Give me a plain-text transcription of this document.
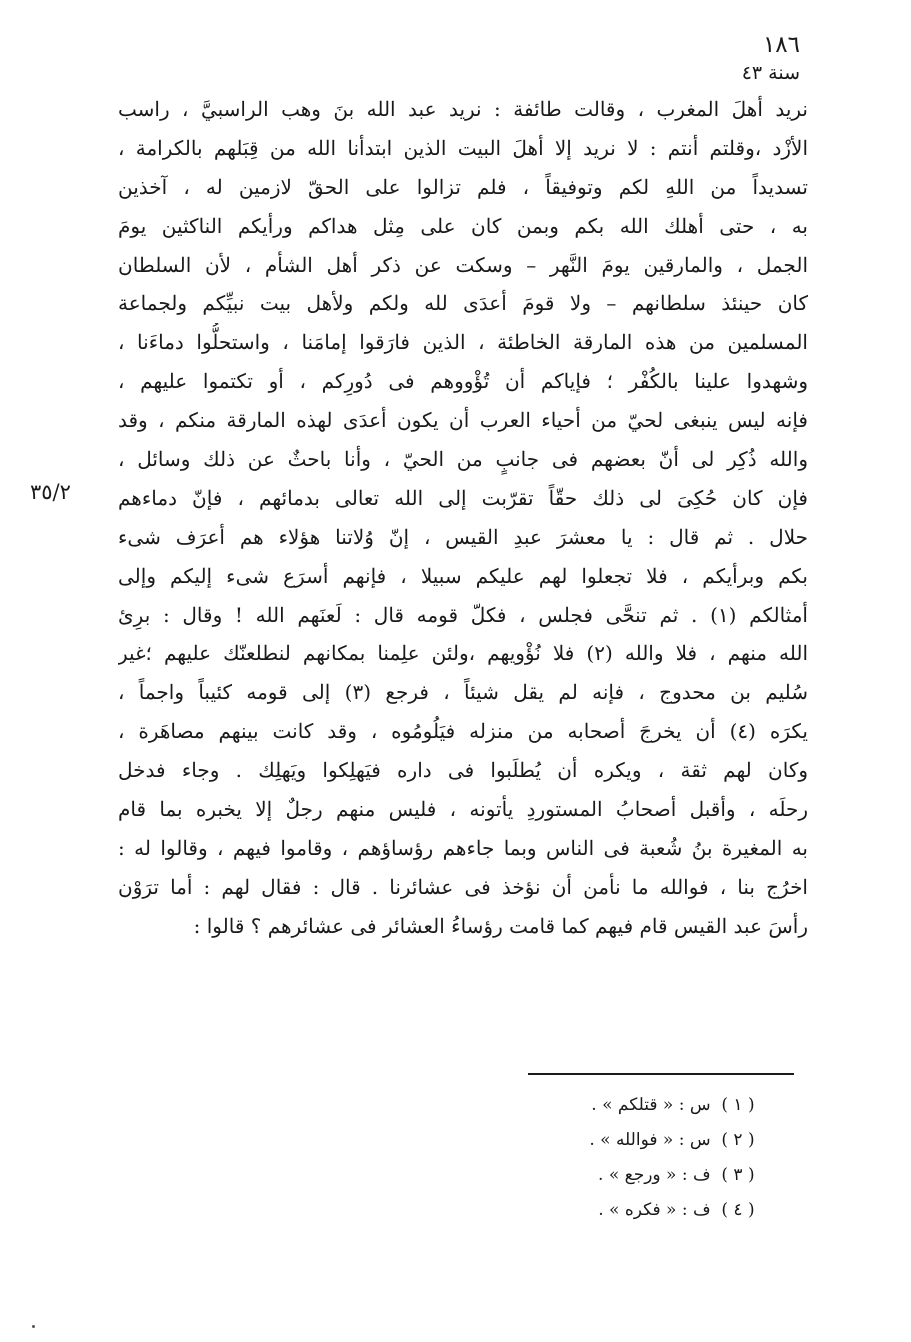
١٨٦
سنة ٤٣
٣٥/٢
نريد أهلَ المغرب ، وقالت طائفة : نريد عبد الله بنَ وهب الراسبيَّ ، راسب
الأزْد ،وقلتم أنتم : لا نريد إلا أهلَ البيت الذين ابتدأنا الله من قِبَلهم بالكرامة ،
تسديداً من اللهِ لكم وتوفيقاً ، فلم تزالوا على الحقّ لازمين له ، آخذين
به ، حتى أهلك الله بكم وبمن كان على مِثل هداكم ورأيكم الناكثين يومَ
الجمل ، والمارقين يومَ النَّهر – وسكت عن ذكر أهل الشأم ، لأن السلطان
كان حينئذ سلطانهم – ولا قومَ أعدَى لله ولكم ولأهل بيت نبيِّكم ولجماعة
المسلمين من هذه المارقة الخاطئة ، الذين فارَقوا إمامَنا ، واستحلُّوا دماءَنا ،
وشهدوا علينا بالكُفْر ؛ فإياكم أن تُؤْووهم فى دُورِكم ، أو تكتموا عليهم ،
فإنه ليس ينبغى لحيّ من أحياء العرب أن يكون أعدَى لهذه المارقة منكم ، وقد
والله ذُكِر لى أنّ بعضهم فى جانبٍ من الحيّ ، وأنا باحثٌ عن ذلك وسائل ،
فإن كان حُكِىَ لى ذلك حقّاً تقرّبت إلى الله تعالى بدمائهم ، فإنّ دماءهم
حلال . ثم قال : يا معشرَ عبدِ القيس ، إنّ وُلاتنا هؤلاء هم أعرَف شىء
بكم وبرأيكم ، فلا تجعلوا لهم عليكم سبيلا ، فإنهم أسرَع شىء إليكم وإلى
أمثالكم (١) . ثم تنحَّى فجلس ، فكلّ قومه قال : لَعنَهم الله ! وقال : برِئ
الله منهم ، فلا والله (٢) فلا نُؤْويهم ،ولئن علِمنا بمكانهم لنطلعنّك عليهم ؛غير
سُليم بن محدوج ، فإنه لم يقل شيئاً ، فرجع (٣) إلى قومه كئيباً واجماً ،
يكرَه (٤) أن يخرجَ أصحابه من منزله فيَلُومُوه ، وقد كانت بينهم مصاهَرة ،
وكان لهم ثقة ، ويكره أن يُطلَبوا فى داره فيَهلِكوا ويَهلِك . وجاء فدخل
رحلَه ، وأقبل أصحابُ المستوردِ يأتونه ، فليس منهم رجلٌ إلا يخبره بما قام
به المغيرة بنُ شُعبة فى الناس وبما جاءهم رؤساؤهم ، وقاموا فيهم ، وقالوا له :
اخرُج بنا ، فوالله ما نأمن أن نؤخذ فى عشائرنا . قال : فقال لهم : أما ترَوْن
رأسَ عبد القيس قام فيهم كما قامت رؤساءُ العشائر فى عشائرهم ؟ قالوا :
( ١ ) س : « قتلكم » .
( ٢ ) س : « فوالله » .
( ٣ ) ف : « ورجع » .
( ٤ ) ف : « فكره » .
